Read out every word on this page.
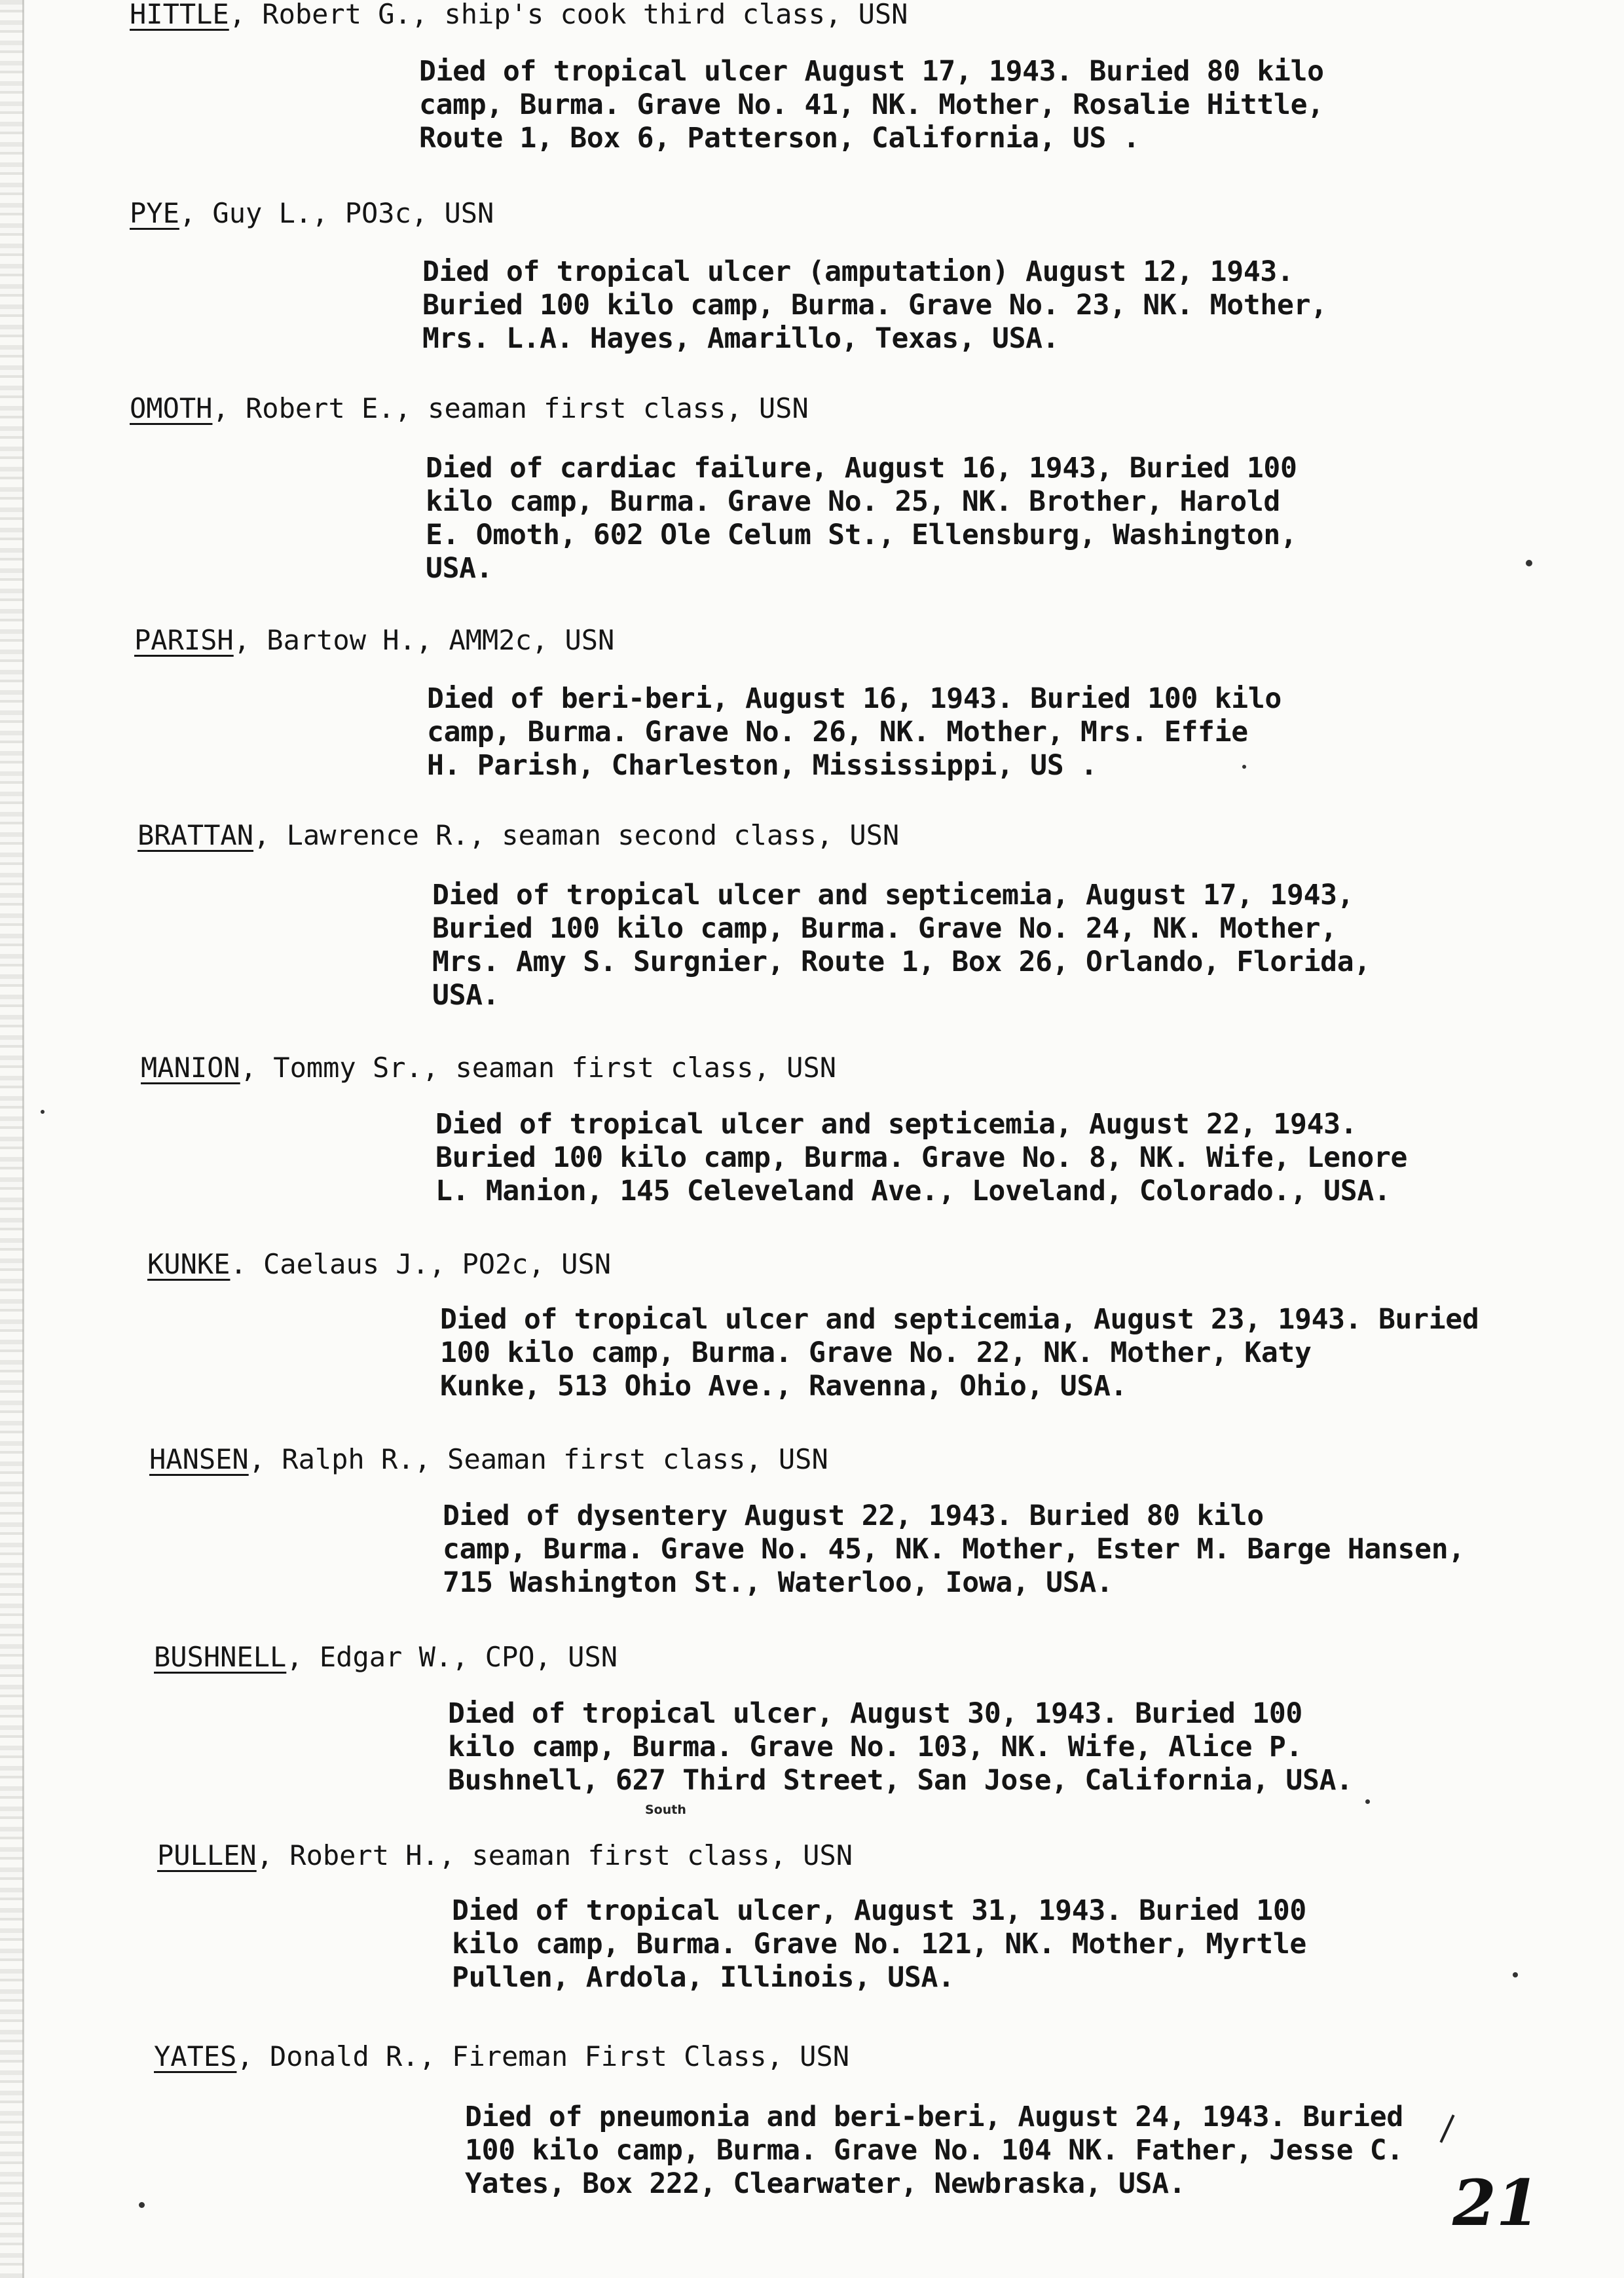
HITTLE, Robert G., ship's cook third class, USN
Died of tropical ulcer August 17, 1943. Buried 80 kilo
camp, Burma. Grave No. 41, NK. Mother, Rosalie Hittle,
Route 1, Box 6, Patterson, California, US .
PYE, Guy L., PO3c, USN
Died of tropical ulcer (amputation) August 12, 1943.
Buried 100 kilo camp, Burma. Grave No. 23, NK. Mother,
Mrs. L.A. Hayes, Amarillo, Texas, USA.
OMOTH, Robert E., seaman first class, USN
Died of cardiac failure, August 16, 1943, Buried 100
kilo camp, Burma. Grave No. 25, NK. Brother, Harold
E. Omoth, 602 Ole Celum St., Ellensburg, Washington,
USA.
PARISH, Bartow H., AMM2c, USN
Died of beri-beri, August 16, 1943. Buried 100 kilo
camp, Burma. Grave No. 26, NK. Mother, Mrs. Effie
H. Parish, Charleston, Mississippi, US .
BRATTAN, Lawrence R., seaman second class, USN
Died of tropical ulcer and septicemia, August 17, 1943,
Buried 100 kilo camp, Burma. Grave No. 24, NK. Mother,
Mrs. Amy S. Surgnier, Route 1, Box 26, Orlando, Florida,
USA.
MANION, Tommy Sr., seaman first class, USN
Died of tropical ulcer and septicemia, August 22, 1943.
Buried 100 kilo camp, Burma. Grave No. 8, NK. Wife, Lenore
L. Manion, 145 Celeveland Ave., Loveland, Colorado., USA.
KUNKE. Caelaus J., PO2c, USN
Died of tropical ulcer and septicemia, August 23, 1943. Buried
100 kilo camp, Burma. Grave No. 22, NK. Mother, Katy
Kunke, 513 Ohio Ave., Ravenna, Ohio, USA.
HANSEN, Ralph R., Seaman first class, USN
Died of dysentery August 22, 1943. Buried 80 kilo
camp, Burma. Grave No. 45, NK. Mother, Ester M. Barge Hansen,
715 Washington St., Waterloo, Iowa, USA.
BUSHNELL, Edgar W., CPO, USN
Died of tropical ulcer, August 30, 1943. Buried 100
kilo camp, Burma. Grave No. 103, NK. Wife, Alice P.
Bushnell, 627 Third Street, San Jose, California, USA.
South
PULLEN, Robert H., seaman first class, USN
Died of tropical ulcer, August 31, 1943. Buried 100
kilo camp, Burma. Grave No. 121, NK. Mother, Myrtle
Pullen, Ardola, Illinois, USA.
YATES, Donald R., Fireman First Class, USN
Died of pneumonia and beri-beri, August 24, 1943. Buried
100 kilo camp, Burma. Grave No. 104 NK. Father, Jesse C.
Yates, Box 222, Clearwater, Newbraska, USA.	21
